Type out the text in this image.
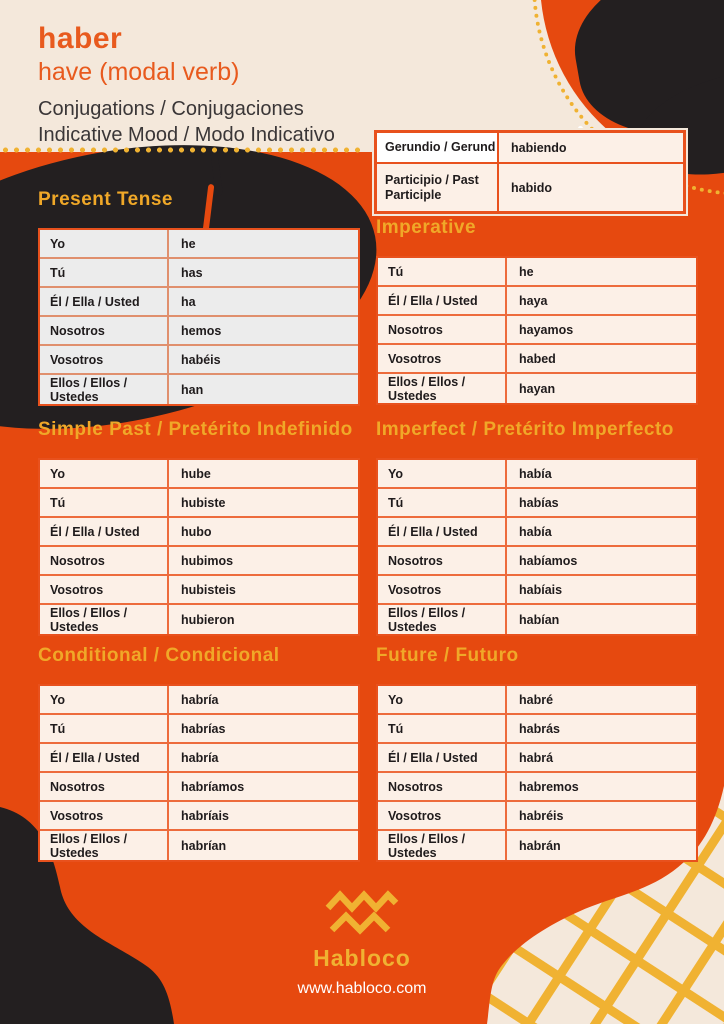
haber
have (modal verb)
Conjugations / Conjugaciones
Indicative Mood / Modo Indicativo
Gerundio / Gerund	habiendo
Participio / Past Participle	habido
Present Tense
Yo	he
Tú	has
Él / Ella / Usted	ha
Nosotros	hemos
Vosotros	habéis
Ellos / Ellos / Ustedes	han
Imperative
Tú	he
Él / Ella / Usted	haya
Nosotros	hayamos
Vosotros	habed
Ellos / Ellos / Ustedes	hayan
Simple Past / Pretérito Indefinido
Yo	hube
Tú	hubiste
Él / Ella / Usted	hubo
Nosotros	hubimos
Vosotros	hubisteis
Ellos / Ellos / Ustedes	hubieron
Imperfect / Pretérito Imperfecto
Yo	había
Tú	habías
Él / Ella / Usted	había
Nosotros	habíamos
Vosotros	habíais
Ellos / Ellos / Ustedes	habían
Conditional / Condicional
Yo	habría
Tú	habrías
Él / Ella / Usted	habría
Nosotros	habríamos
Vosotros	habríais
Ellos / Ellos / Ustedes	habrían
Future / Futuro
Yo	habré
Tú	habrás
Él / Ella / Usted	habrá
Nosotros	habremos
Vosotros	habréis
Ellos / Ellos / Ustedes	habrán
Habloco
www.habloco.com
